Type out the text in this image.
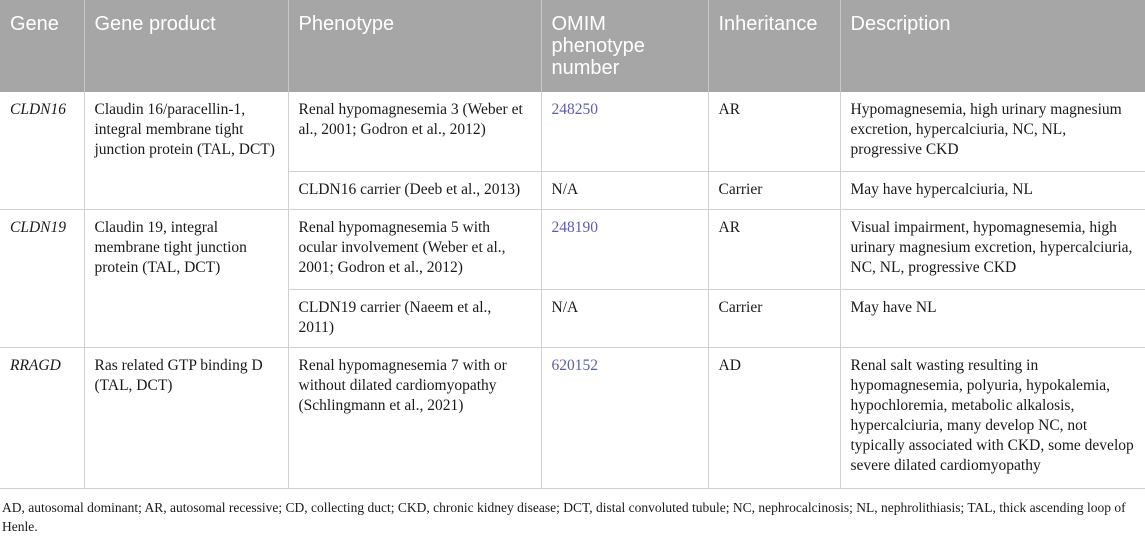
Gene	Gene product	Phenotype	OMIM phenotype number	Inheritance	Description
CLDN16	Claudin 16/paracellin-1, integral membrane tight junction protein (TAL, DCT)	Renal hypomagnesemia 3 (Weber et al., 2001; Godron et al., 2012)	248250	AR	Hypomagnesemia, high urinary magnesium excretion, hypercalciuria, NC, NL, progressive CKD
		CLDN16 carrier (Deeb et al., 2013)	N/A	Carrier	May have hypercalciuria, NL
CLDN19	Claudin 19, integral membrane tight junction protein (TAL, DCT)	Renal hypomagnesemia 5 with ocular involvement (Weber et al., 2001; Godron et al., 2012)	248190	AR	Visual impairment, hypomagnesemia, high urinary magnesium excretion, hypercalciuria, NC, NL, progressive CKD
		CLDN19 carrier (Naeem et al., 2011)	N/A	Carrier	May have NL
RRAGD	Ras related GTP binding D (TAL, DCT)	Renal hypomagnesemia 7 with or without dilated cardiomyopathy (Schlingmann et al., 2021)	620152	AD	Renal salt wasting resulting in hypomagnesemia, polyuria, hypokalemia, hypochloremia, metabolic alkalosis, hypercalciuria, many develop NC, not typically associated with CKD, some develop severe dilated cardiomyopathy

AD, autosomal dominant; AR, autosomal recessive; CD, collecting duct; CKD, chronic kidney disease; DCT, distal convoluted tubule; NC, nephrocalcinosis; NL, nephrolithiasis; TAL, thick ascending loop of Henle.
